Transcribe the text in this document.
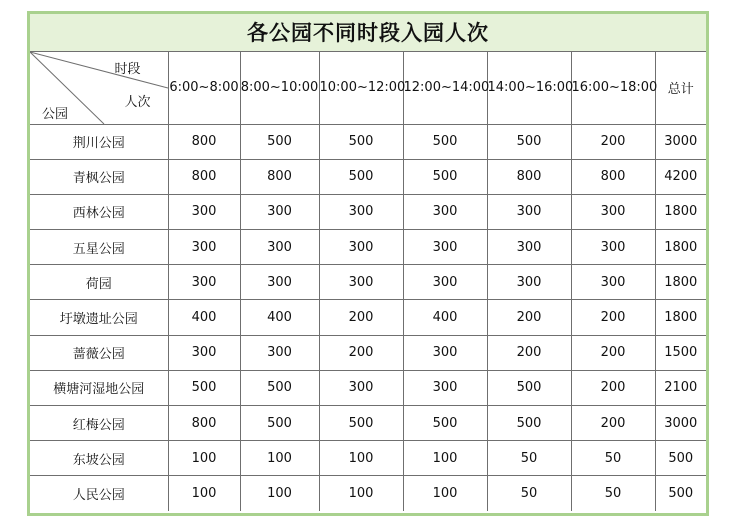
各公园不同时段入园人次
时段
人次
公园	6:00~8:00	8:00~10:00	10:00~12:00	12:00~14:00	14:00~16:00	16:00~18:00	总计
荆川公园	800	500	500	500	500	200	3000
青枫公园	800	800	500	500	800	800	4200
西林公园	300	300	300	300	300	300	1800
五星公园	300	300	300	300	300	300	1800
荷园	300	300	300	300	300	300	1800
圩墩遗址公园	400	400	200	400	200	200	1800
蔷薇公园	300	300	200	300	200	200	1500
横塘河湿地公园	500	500	300	300	500	200	2100
红梅公园	800	500	500	500	500	200	3000
东坡公园	100	100	100	100	50	50	500
人民公园	100	100	100	100	50	50	500
